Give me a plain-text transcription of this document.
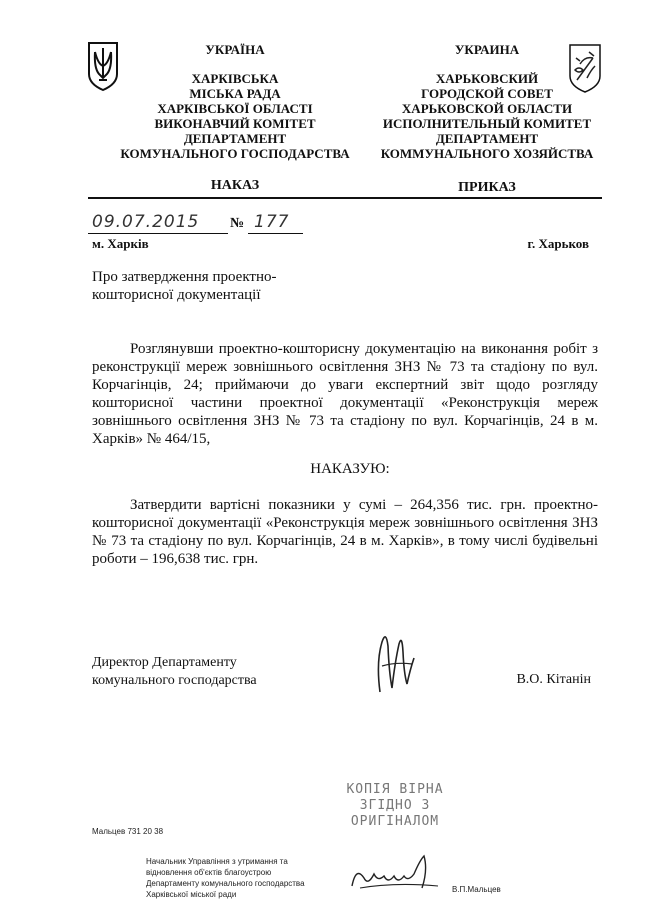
УКРАЇНА
ХАРКІВСЬКА
МІСЬКА РАДА
ХАРКІВСЬКОЇ ОБЛАСТІ
ВИКОНАВЧИЙ КОМІТЕТ
ДЕПАРТАМЕНТ
КОМУНАЛЬНОГО ГОСПОДАРСТВА
УКРАИНА
ХАРЬКОВСКИЙ
ГОРОДСКОЙ СОВЕТ
ХАРЬКОВСКОЙ ОБЛАСТИ
ИСПОЛНИТЕЛЬНЫЙ КОМИТЕТ
ДЕПАРТАМЕНТ
КОММУНАЛЬНОГО ХОЗЯЙСТВА
НАКАЗ	ПРИКАЗ
09.07.2015 № 177
м. Харків	г. Харьков
Про затвердження проектно-
кошторисної документації
Розглянувши проектно-кошторисну документацію на виконання робіт з реконструкції мереж зовнішнього освітлення ЗНЗ № 73 та стадіону по вул. Корчагінців, 24; приймаючи до уваги експертний звіт щодо розгляду кошторисної частини проектної документації «Реконструкція мереж зовнішнього освітлення ЗНЗ № 73 та стадіону по вул. Корчагінців, 24 в м. Харків» № 464/15,
НАКАЗУЮ:
Затвердити вартісні показники у сумі – 264,356 тис. грн. проектно-кошторисної документації «Реконструкція мереж зовнішнього освітлення ЗНЗ № 73 та стадіону по вул. Корчагінців, 24 в м. Харків», в тому числі будівельні роботи – 196,638 тис. грн.
Директор Департаменту
комунального господарства	В.О. Кітанін
КОПІЯ ВІРНА
ЗГІДНО З
ОРИГІНАЛОМ
Мальцев 731 20 38
Начальник Управління з утримання та
відновлення об'єктів благоустрою
Департаменту комунального господарства
Харківської міської ради
В.П.Мальцев
